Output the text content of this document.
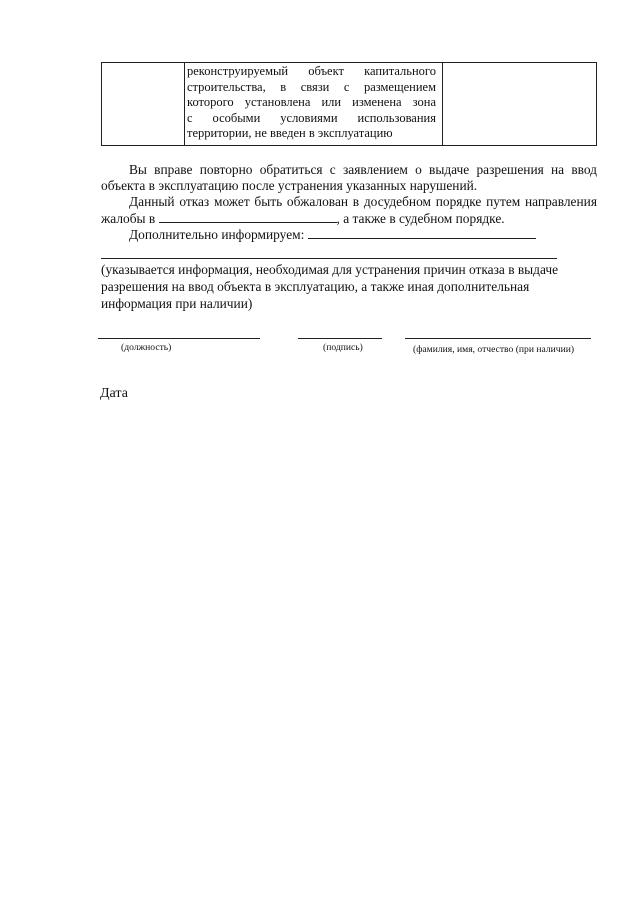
реконструируемый объект капитального
строительства, в связи с размещением
которого установлена или изменена зона
с особыми условиями использования
территории, не введен в эксплуатацию
Вы вправе повторно обратиться с заявлением о выдаче разрешения на ввод
объекта в эксплуатацию после устранения указанных нарушений.
Данный отказ может быть обжалован в досудебном порядке путем направления
жалобы в	, а также в судебном порядке.
Дополнительно информируем:
(указывается информация, необходимая для устранения причин отказа в выдаче
разрешения на ввод объекта в эксплуатацию, а также иная дополнительная
информация при наличии)
(должность)	(подпись)	(фамилия, имя, отчество (при наличии)
Дата
